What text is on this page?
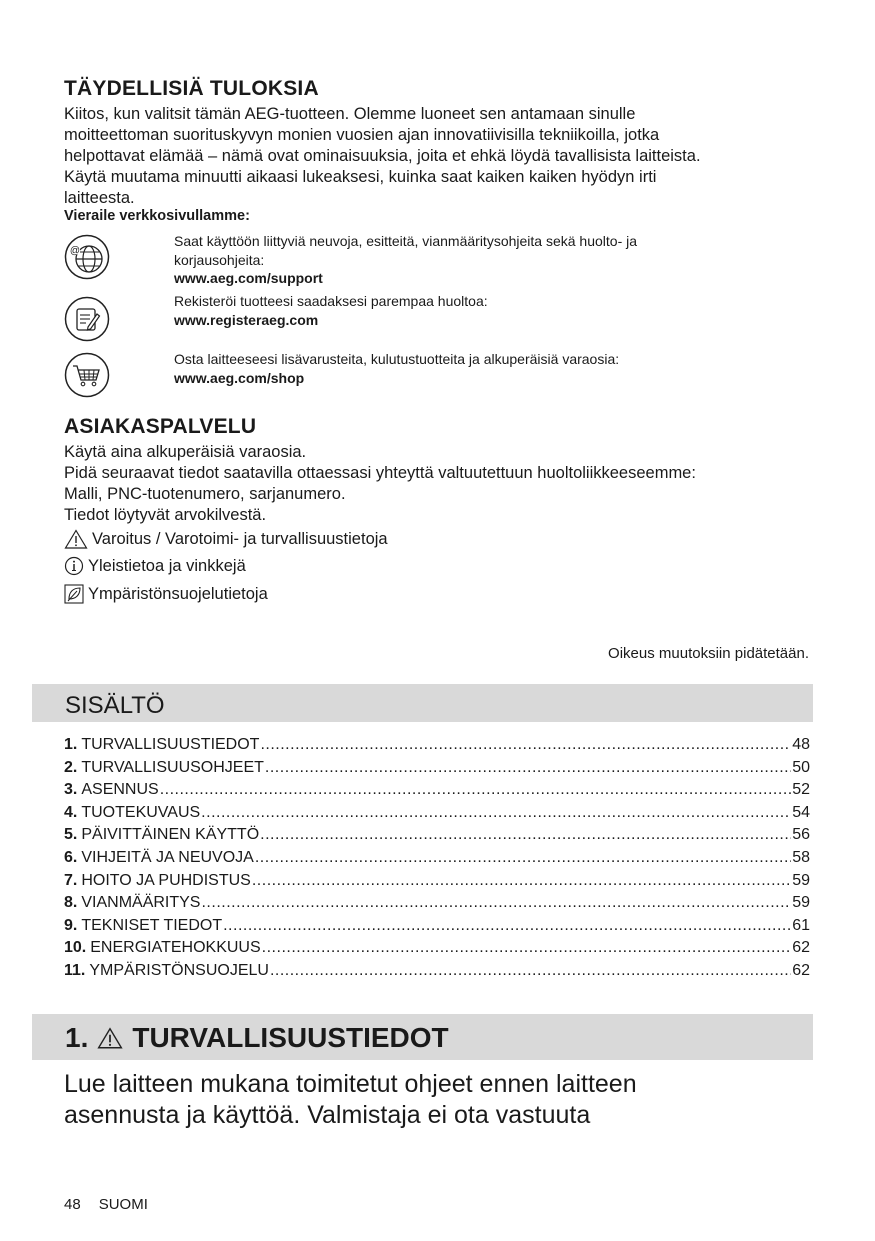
TÄYDELLISIÄ TULOKSIA
Kiitos, kun valitsit tämän AEG-tuotteen. Olemme luoneet sen antamaan sinulle
moitteettoman suorituskyvyn monien vuosien ajan innovatiivisilla tekniikoilla, jotka
helpottavat elämää – nämä ovat ominaisuuksia, joita et ehkä löydä tavallisista laitteista.
Käytä muutama minuutti aikaasi lukeaksesi, kuinka saat kaiken kaiken hyödyn irti
laitteesta.
Vieraile verkkosivullamme:
@
Saat käyttöön liittyviä neuvoja, esitteitä, vianmääritysohjeita sekä huolto- ja
korjausohjeita:
www.aeg.com/support
Rekisteröi tuotteesi saadaksesi parempaa huoltoa:
www.registeraeg.com
Osta laitteeseesi lisävarusteita, kulutustuotteita ja alkuperäisiä varaosia:
www.aeg.com/shop
ASIAKASPALVELU
Käytä aina alkuperäisiä varaosia.
Pidä seuraavat tiedot saatavilla ottaessasi yhteyttä valtuutettuun huoltoliikkeeseemme:
Malli, PNC-tuotenumero, sarjanumero.
Tiedot löytyvät arvokilvestä.
Varoitus / Varotoimi- ja turvallisuustietoja
Yleistietoa ja vinkkejä
Ympäristönsuojelutietoja
Oikeus muutoksiin pidätetään.
SISÄLTÖ
1. TURVALLISUUSTIEDOT .....	48
2. TURVALLISUUSOHJEET .....	50
3. ASENNUS .....	52
4. TUOTEKUVAUS .....	54
5. PÄIVITTÄINEN KÄYTTÖ .....	56
6. VIHJEITÄ JA NEUVOJA .....	58
7. HOITO JA PUHDISTUS .....	59
8. VIANMÄÄRITYS .....	59
9. TEKNISET TIEDOT .....	61
10. ENERGIATEHOKKUUS .....	62
11. YMPÄRISTÖNSUOJELU .....	62
1. TURVALLISUUSTIEDOT
Lue laitteen mukana toimitetut ohjeet ennen laitteen
asennusta ja käyttöä. Valmistaja ei ota vastuuta
48 SUOMI
